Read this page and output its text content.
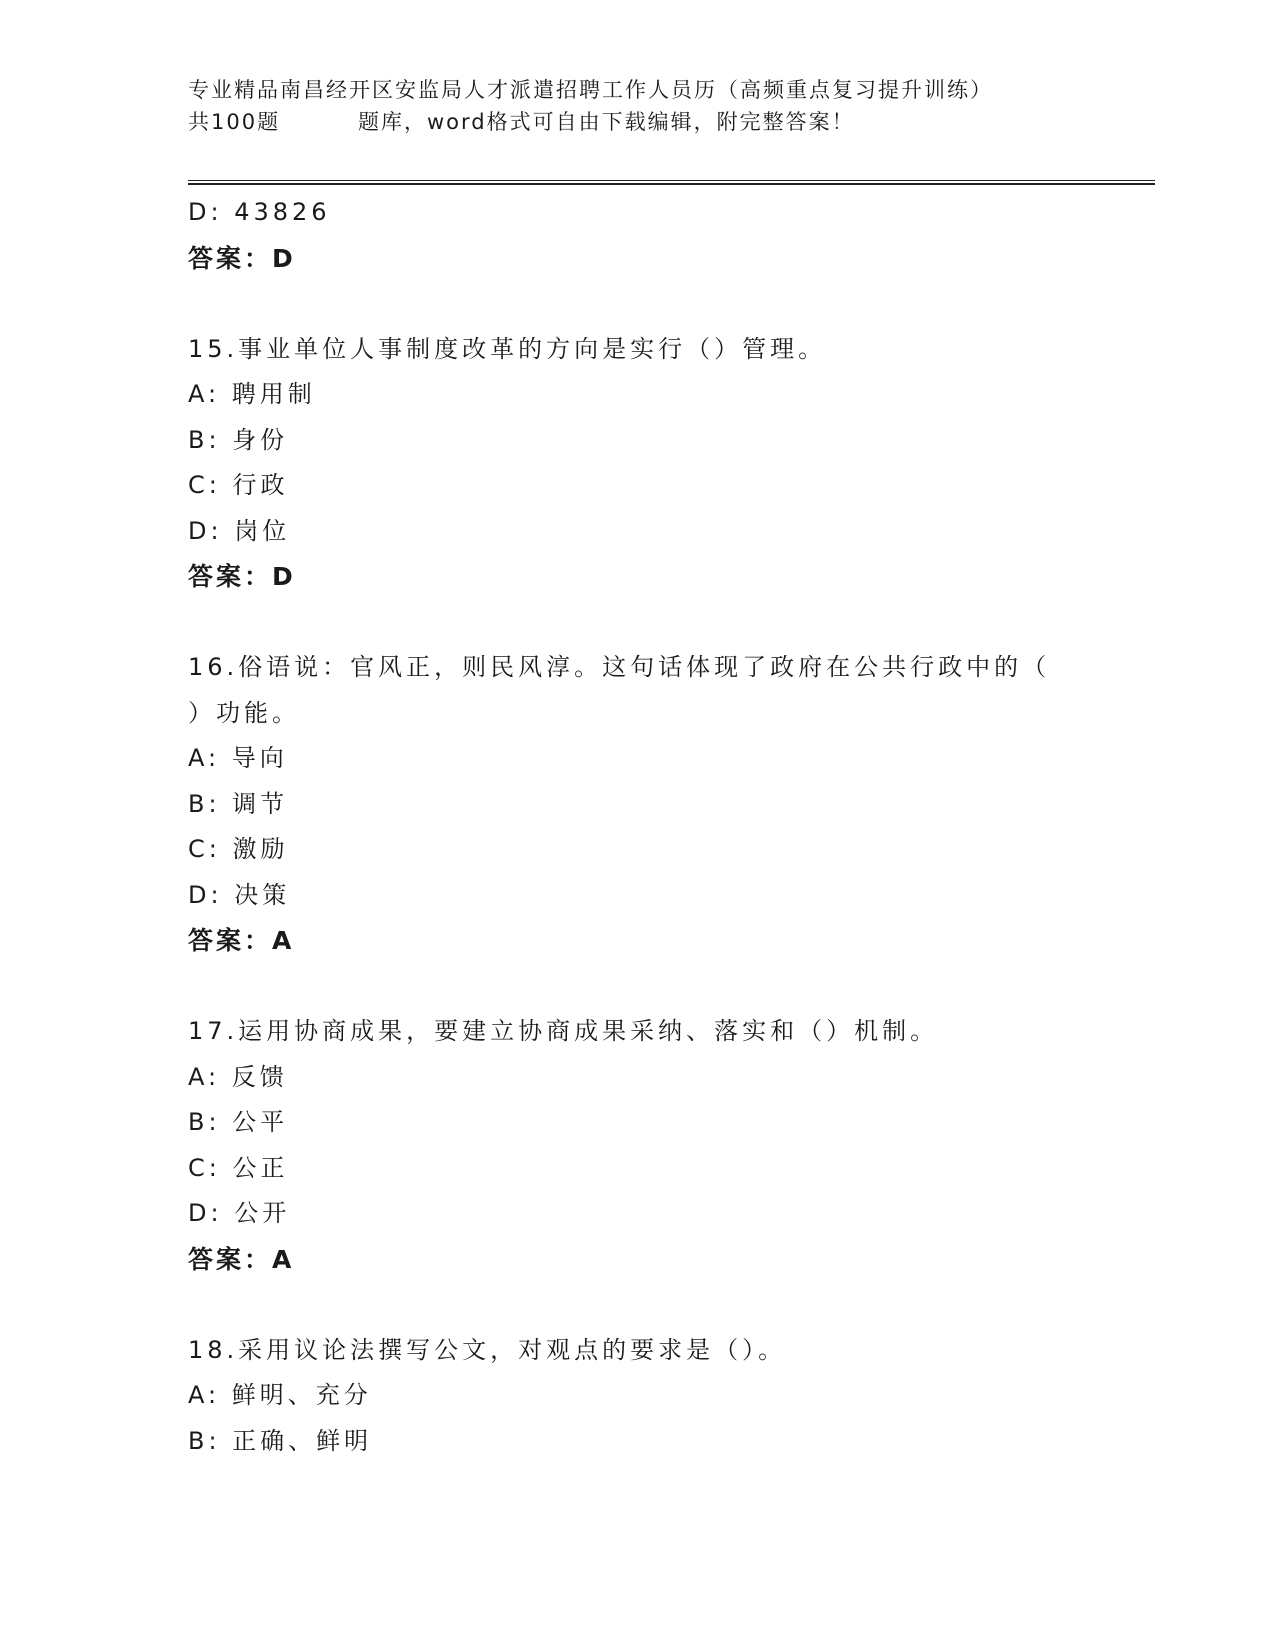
专业精品南昌经开区安监局人才派遣招聘工作人员历（高频重点复习提升训练）
共100题	题库，word格式可自由下载编辑，附完整答案！
D: 43826
答案：D
15.事业单位人事制度改革的方向是实行（）管理。
A: 聘用制
B: 身份
C: 行政
D: 岗位
答案：D
16.俗语说：官风正，则民风淳。这句话体现了政府在公共行政中的（
）功能。
A: 导向
B: 调节
C: 激励
D: 决策
答案：A
17.运用协商成果，要建立协商成果采纳、落实和（）机制。
A: 反馈
B: 公平
C: 公正
D: 公开
答案：A
18.采用议论法撰写公文，对观点的要求是（）。
A: 鲜明、充分
B: 正确、鲜明
